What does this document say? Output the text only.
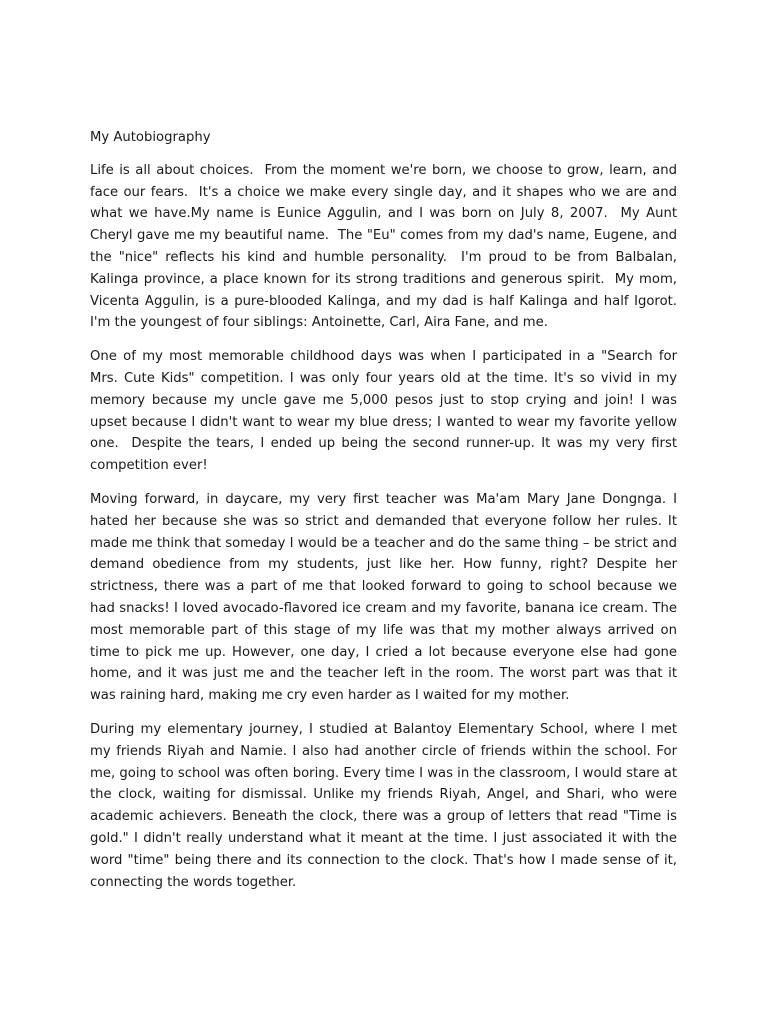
My Autobiography

Life is all about choices.  From the moment we're born, we choose to grow, learn, and face our fears.  It's a choice we make every single day, and it shapes who we are and what we have.My name is Eunice Aggulin, and I was born on July 8, 2007.  My Aunt Cheryl gave me my beautiful name.  The "Eu" comes from my dad's name, Eugene, and the "nice" reflects his kind and humble personality.  I'm proud to be from Balbalan, Kalinga province, a place known for its strong traditions and generous spirit.  My mom, Vicenta Aggulin, is a pure-blooded Kalinga, and my dad is half Kalinga and half Igorot.  I'm the youngest of four siblings: Antoinette, Carl, Aira Fane, and me.

One of my most memorable childhood days was when I participated in a "Search for Mrs. Cute Kids" competition. I was only four years old at the time. It's so vivid in my memory because my uncle gave me 5,000 pesos just to stop crying and join! I was upset because I didn't want to wear my blue dress; I wanted to wear my favorite yellow one.  Despite the tears, I ended up being the second runner-up. It was my very first competition ever!

Moving forward, in daycare, my very first teacher was Ma'am Mary Jane Dongnga. I hated her because she was so strict and demanded that everyone follow her rules. It made me think that someday I would be a teacher and do the same thing – be strict and demand obedience from my students, just like her. How funny, right? Despite her strictness, there was a part of me that looked forward to going to school because we had snacks! I loved avocado-flavored ice cream and my favorite, banana ice cream. The most memorable part of this stage of my life was that my mother always arrived on time to pick me up. However, one day, I cried a lot because everyone else had gone home, and it was just me and the teacher left in the room. The worst part was that it was raining hard, making me cry even harder as I waited for my mother.

During my elementary journey, I studied at Balantoy Elementary School, where I met my friends Riyah and Namie. I also had another circle of friends within the school. For me, going to school was often boring. Every time I was in the classroom, I would stare at the clock, waiting for dismissal. Unlike my friends Riyah, Angel, and Shari, who were academic achievers. Beneath the clock, there was a group of letters that read "Time is gold." I didn't really understand what it meant at the time. I just associated it with the word "time" being there and its connection to the clock. That's how I made sense of it, connecting the words together.
